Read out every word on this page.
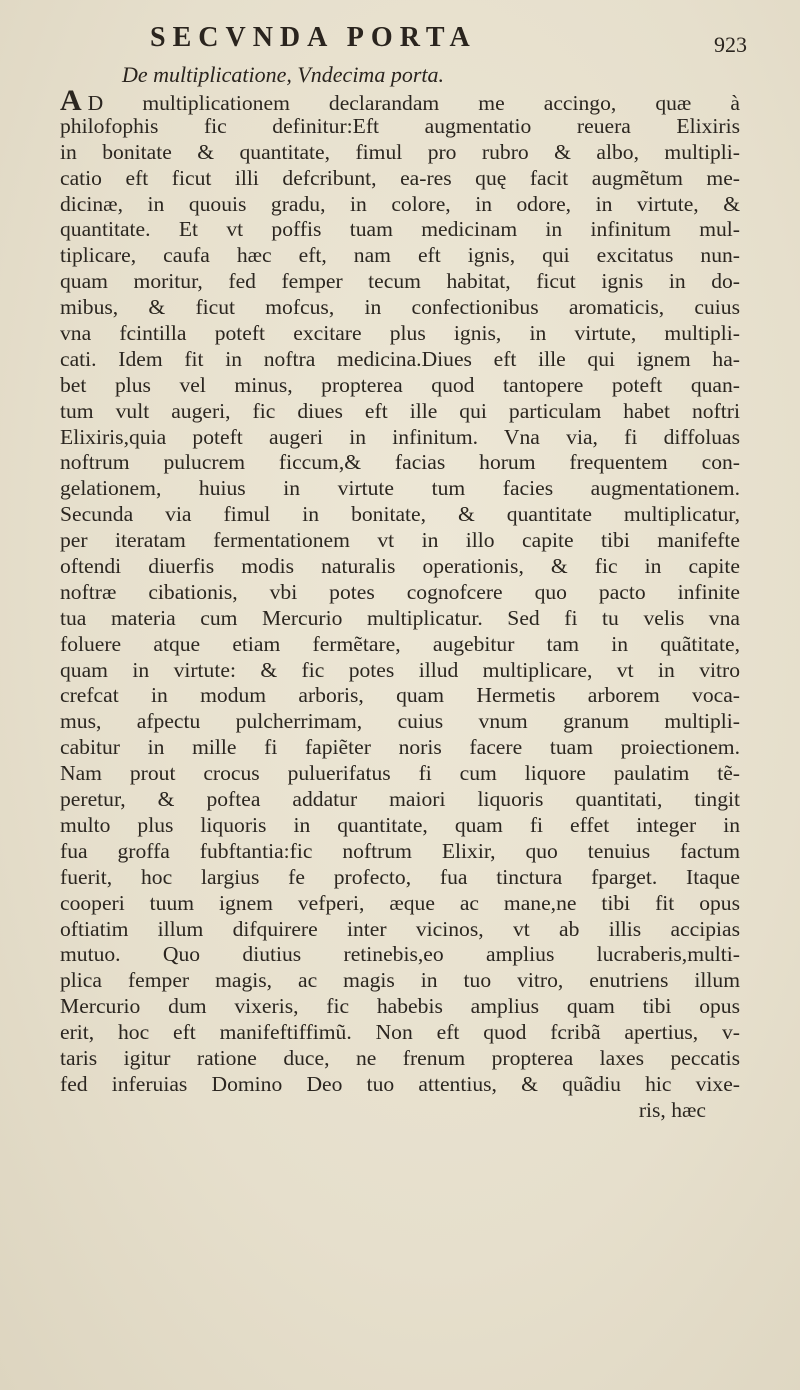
SECVNDA PORTA	923
De multiplicatione, Vndecima porta.
A D multiplicationem declarandam me accingo, quæ à
philofophis fic definitur:Eft augmentatio reuera Elixiris
in bonitate & quantitate, fimul pro rubro & albo, multipli-
catio eft ficut illi defcribunt, ea-res quę facit augmẽtum me-
dicinæ, in quouis gradu, in colore, in odore, in virtute, &
quantitate. Et vt poffis tuam medicinam in infinitum mul-
tiplicare, caufa hæc eft, nam eft ignis, qui excitatus nun-
quam moritur, fed femper tecum habitat, ficut ignis in do-
mibus, & ficut mofcus, in confectionibus aromaticis, cuius
vna fcintilla poteft excitare plus ignis, in virtute, multipli-
cati. Idem fit in noftra medicina.Diues eft ille qui ignem ha-
bet plus vel minus, propterea quod tantopere poteft quan-
tum vult augeri, fic diues eft ille qui particulam habet noftri
Elixiris,quia poteft augeri in infinitum. Vna via, fi diffoluas
noftrum pulucrem ficcum,& facias horum frequentem con-
gelationem, huius in virtute tum facies augmentationem.
Secunda via fimul in bonitate, & quantitate multiplicatur,
per iteratam fermentationem vt in illo capite tibi manifefte
oftendi diuerfis modis naturalis operationis, & fic in capite
noftræ cibationis, vbi potes cognofcere quo pacto infinite
tua materia cum Mercurio multiplicatur. Sed fi tu velis vna
foluere atque etiam fermẽtare, augebitur tam in quãtitate,
quam in virtute: & fic potes illud multiplicare, vt in vitro
crefcat in modum arboris, quam Hermetis arborem voca-
mus, afpectu pulcherrimam, cuius vnum granum multipli-
cabitur in mille fi fapiẽter noris facere tuam proiectionem.
Nam prout crocus puluerifatus fi cum liquore paulatim tẽ-
peretur, & poftea addatur maiori liquoris quantitati, tingit
multo plus liquoris in quantitate, quam fi effet integer in
fua groffa fubftantia:fic noftrum Elixir, quo tenuius factum
fuerit, hoc largius fe profecto, fua tinctura fparget. Itaque
cooperi tuum ignem vefperi, æque ac mane,ne tibi fit opus
oftiatim illum difquirere inter vicinos, vt ab illis accipias
mutuo. Quo diutius retinebis,eo amplius lucraberis,multi-
plica femper magis, ac magis in tuo vitro, enutriens illum
Mercurio dum vixeris, fic habebis amplius quam tibi opus
erit, hoc eft manifeftiffimũ. Non eft quod fcribã apertius, v-
taris igitur ratione duce, ne frenum propterea laxes peccatis
fed inferuias Domino Deo tuo attentius, & quãdiu hic vixe-
ris, hæc
